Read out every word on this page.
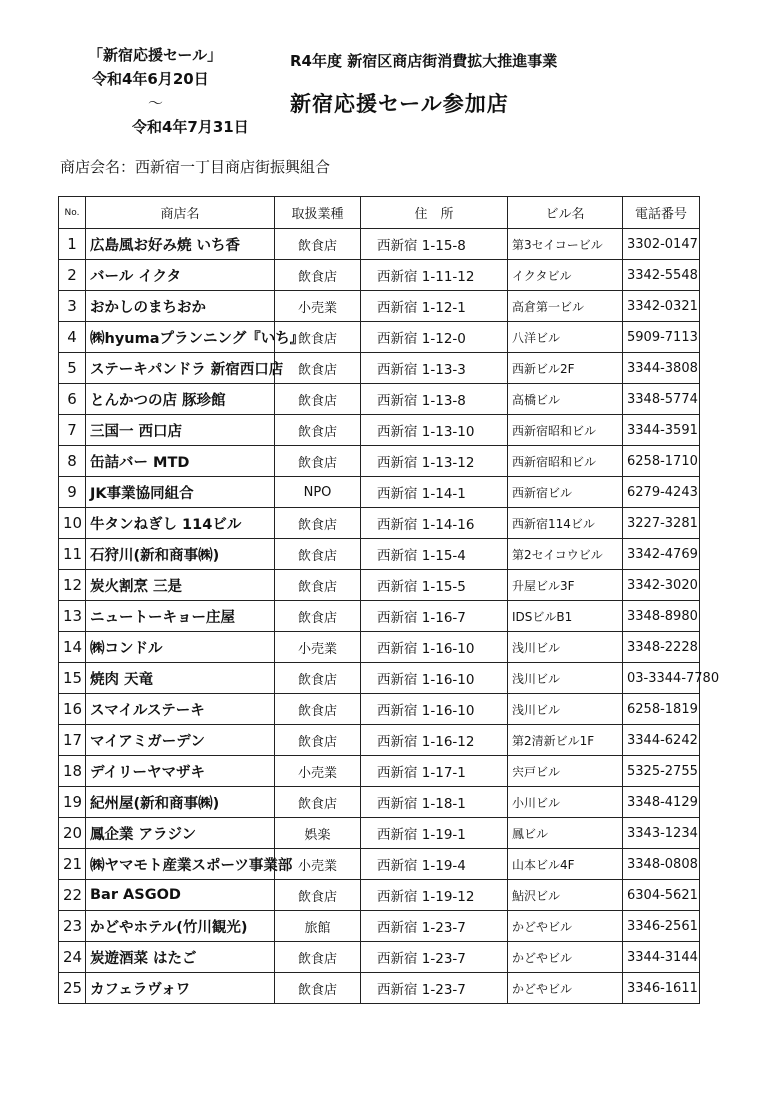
「新宿応援セール」
令和4年6月20日
～
令和4年7月31日
R4年度 新宿区商店街消費拡大推進事業
新宿応援セール参加店
商店会名：西新宿一丁目商店街振興組合
No.	商店名	取扱業種	住　所	ビル名	電話番号
1	広島風お好み焼 いち香	飲食店	西新宿 1-15-8	第3セイコービル	3302-0147
2	バール イクタ	飲食店	西新宿 1-11-12	イクタビル	3342-5548
3	おかしのまちおか	小売業	西新宿 1-12-1	高倉第一ビル	3342-0321
4	㈱hyumaプランニング『いち』	飲食店	西新宿 1-12-0	八洋ビル	5909-7113
5	ステーキパンドラ 新宿西口店	飲食店	西新宿 1-13-3	西新ビル2F	3344-3808
6	とんかつの店 豚珍館	飲食店	西新宿 1-13-8	高橋ビル	3348-5774
7	三国一 西口店	飲食店	西新宿 1-13-10	西新宿昭和ビル	3344-3591
8	缶詰バー MTD	飲食店	西新宿 1-13-12	西新宿昭和ビル	6258-1710
9	JK事業協同組合	NPO	西新宿 1-14-1	西新宿ビル	6279-4243
10	牛タンねぎし 114ビル	飲食店	西新宿 1-14-16	西新宿114ビル	3227-3281
11	石狩川(新和商事㈱)	飲食店	西新宿 1-15-4	第2セイコウビル	3342-4769
12	炭火割烹 三是	飲食店	西新宿 1-15-5	升屋ビル3F	3342-3020
13	ニュートーキョー庄屋	飲食店	西新宿 1-16-7	IDSビルB1	3348-8980
14	㈱コンドル	小売業	西新宿 1-16-10	浅川ビル	3348-2228
15	焼肉 天竜	飲食店	西新宿 1-16-10	浅川ビル	03-3344-7780
16	スマイルステーキ	飲食店	西新宿 1-16-10	浅川ビル	6258-1819
17	マイアミガーデン	飲食店	西新宿 1-16-12	第2清新ビル1F	3344-6242
18	デイリーヤマザキ	小売業	西新宿 1-17-1	宍戸ビル	5325-2755
19	紀州屋(新和商事㈱)	飲食店	西新宿 1-18-1	小川ビル	3348-4129
20	鳳企業 アラジン	娯楽	西新宿 1-19-1	鳳ビル	3343-1234
21	㈱ヤマモト産業スポーツ事業部	小売業	西新宿 1-19-4	山本ビル4F	3348-0808
22	Bar ASGOD	飲食店	西新宿 1-19-12	鮎沢ビル	6304-5621
23	かどやホテル(竹川観光)	旅館	西新宿 1-23-7	かどやビル	3346-2561
24	炭遊酒菜 はたご	飲食店	西新宿 1-23-7	かどやビル	3344-3144
25	カフェラヴォワ	飲食店	西新宿 1-23-7	かどやビル	3346-1611
